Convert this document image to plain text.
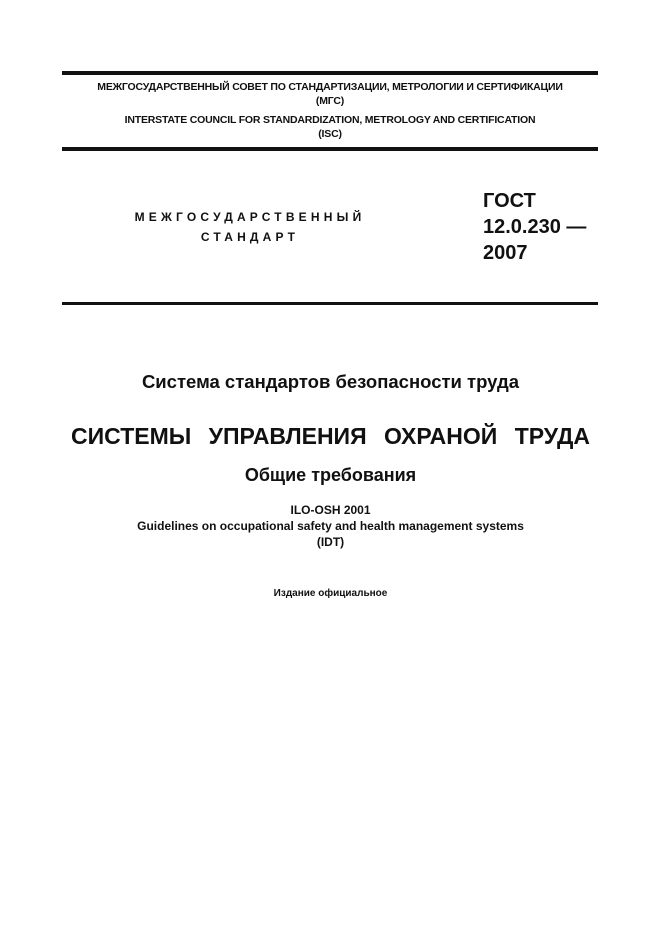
МЕЖГОСУДАРСТВЕННЫЙ СОВЕТ ПО СТАНДАРТИЗАЦИИ, МЕТРОЛОГИИ И СЕРТИФИКАЦИИ
(МГС)
INTERSTATE COUNCIL FOR STANDARDIZATION, METROLOGY AND CERTIFICATION
(ISC)
МЕЖГОСУДАРСТВЕННЫЙ
СТАНДАРТ
ГОСТ
12.0.230 —
2007
Система стандартов безопасности труда
СИСТЕМЫ УПРАВЛЕНИЯ ОХРАНОЙ ТРУДА
Общие требования
ILO-OSH 2001
Guidelines on occupational safety and health management systems
(IDT)
Издание официальное
